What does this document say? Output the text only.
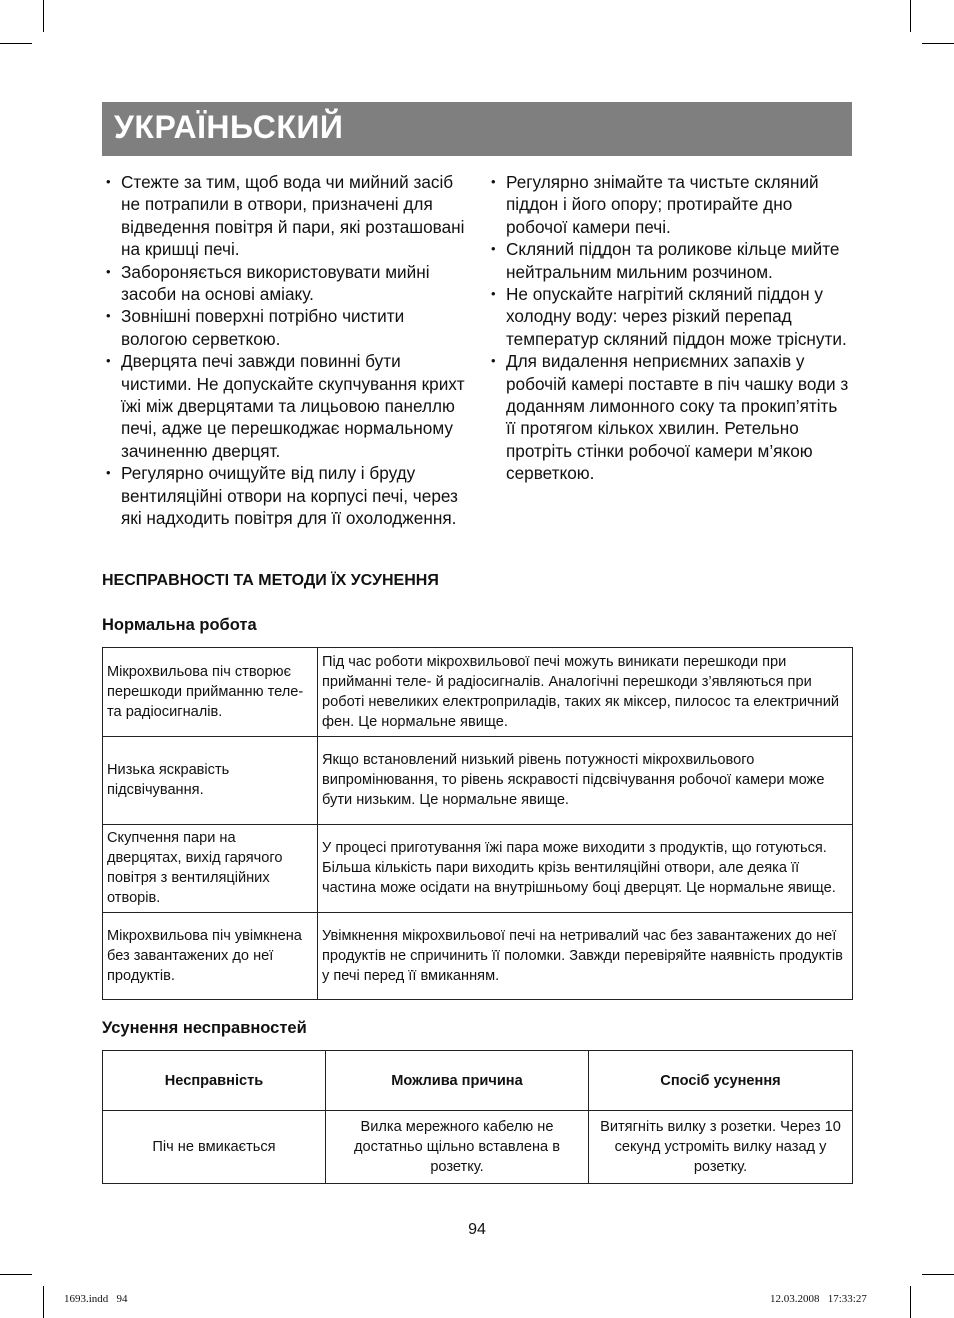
УКРАЇНЬСКИЙ
• Стежте за тим, щоб вода чи мийний засіб не потрапили в отвори, призначені для відведення повітря й пари, які розташовані на кришці печі.
• Забороняється використовувати мийні засоби на основі аміаку.
• Зовнішні поверхні потрібно чистити вологою серветкою.
• Дверцята печі завжди повинні бути чистими. Не допускайте скупчування крихт їжі між дверцятами та лицьовою панеллю печі, адже це перешкоджає нормальному зачиненню дверцят.
• Регулярно очищуйте від пилу і бруду вентиляційні отвори на корпусі печі, через які надходить повітря для її охолодження.
• Регулярно знімайте та чистьте скляний піддон і його опору; протирайте дно робочої камери печі.
• Скляний піддон та роликове кільце мийте нейтральним мильним розчином.
• Не опускайте нагрітий скляний піддон у холодну воду: через різкий перепад температур скляний піддон може тріснути.
• Для видалення неприємних запахів у робочій камері поставте в піч чашку води з доданням лимонного соку та прокип’ятіть її протягом кількох хвилин. Ретельно протріть стінки робочої камери м’якою серветкою.
НЕСПРАВНОСТІ ТА МЕТОДИ ЇХ УСУНЕННЯ
Нормальна робота
Мікрохвильова піч створює перешкоди прийманню теле- та радіосигналів.	Під час роботи мікрохвильової печі можуть виникати перешкоди при прийманні теле- й радіосигналів. Аналогічні перешкоди з’являються при роботі невеликих електроприладів, таких як міксер, пилосос та електричний фен. Це нормальне явище.
Низька яскравість підсвічування.	Якщо встановлений низький рівень потужності мікрохвильового випромінювання, то рівень яскравості підсвічування робочої камери може бути низьким. Це нормальне явище.
Скупчення пари на дверцятах, вихід гарячого повітря з вентиляційних отворів.	У процесі приготування їжі пара може виходити з продуктів, що готуються. Більша кількість пари виходить крізь вентиляційні отвори, але деяка її частина може осідати на внутрішньому боці дверцят. Це нормальне явище.
Мікрохвильова піч увімкнена без завантажених до неї продуктів.	Увімкнення мікрохвильової печі на нетривалий час без завантажених до неї продуктів не спричинить її поломки. Завжди перевіряйте наявність продуктів у печі перед її вмиканням.
Усунення несправностей
Несправність	Можлива причина	Спосіб усунення
Піч не вмикається	Вилка мережного кабелю не достатньо щільно вставлена в розетку.	Витягніть вилку з розетки. Через 10 секунд устроміть вилку назад у розетку.
94
1693.indd   94	12.03.2008   17:33:27
